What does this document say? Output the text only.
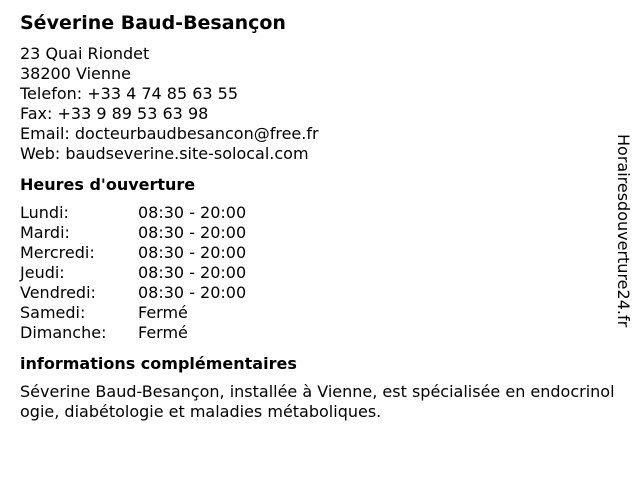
Séverine Baud-Besançon
23 Quai Riondet
38200 Vienne
Telefon: +33 4 74 85 63 55
Fax: +33 9 89 53 63 98
Email: docteurbaudbesancon@free.fr
Web: baudseverine.site-solocal.com
Heures d'ouverture
Lundi:	08:30 - 20:00
Mardi:	08:30 - 20:00
Mercredi:	08:30 - 20:00
Jeudi:	08:30 - 20:00
Vendredi:	08:30 - 20:00
Samedi:	Fermé
Dimanche:	Fermé
informations complémentaires
Séverine Baud-Besançon, installée à Vienne, est spécialisée en endocrinologie, diabétologie et maladies métaboliques.
Horairesdouverture24.fr
